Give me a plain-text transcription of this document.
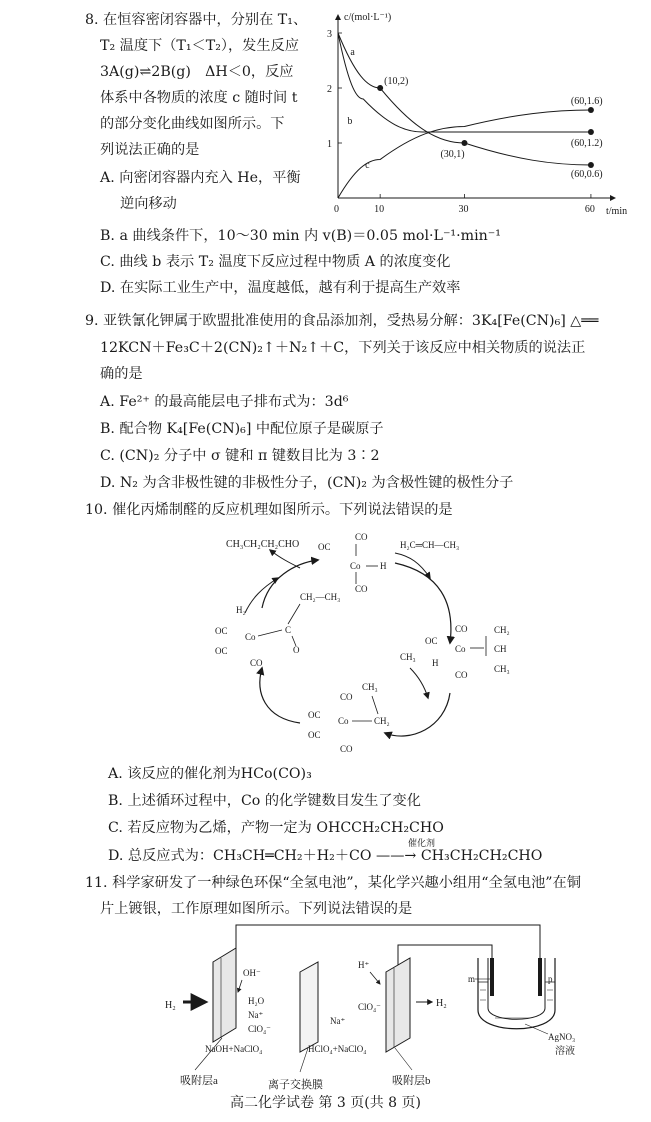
8. 在恒容密闭容器中，分别在 T₁、
T₂ 温度下（T₁＜T₂），发生反应
3A(g)⇌2B(g)　ΔH＜0，反应
体系中各物质的浓度 c 随时间 t
的部分变化曲线如图所示。下
列说法正确的是
A. 向密闭容器内充入 He，平衡
逆向移动
B. a 曲线条件下，10～30 min 内 v(B)＝0.05 mol·L⁻¹·min⁻¹
C. 曲线 b 表示 T₂ 温度下反应过程中物质 A 的浓度变化
D. 在实际工业生产中，温度越低，越有利于提高生产效率
c/(mol·L⁻¹)
t/min
0	10	30	60
1
2
3
a
b
c
(10,2)
(30,1)
(60,1.6)
(60,1.2)
(60,0.6)
9. 亚铁氰化钾属于欧盟批准使用的食品添加剂，受热易分解：3K₄[Fe(CN)₆] △══
12KCN＋Fe₃C＋2(CN)₂↑＋N₂↑＋C，下列关于该反应中相关物质的说法正
确的是
A. Fe²⁺ 的最高能层电子排布式为：3d⁶
B. 配合物 K₄[Fe(CN)₆] 中配位原子是碳原子
C. (CN)₂ 分子中 σ 键和 π 键数目比为 3∶2
D. N₂ 为含非极性键的非极性分子，(CN)₂ 为含极性键的极性分子
10. 催化丙烯制醛的反应机理如图所示。下列说法错误的是
CH₃CH₂CH₂CHO
CO
OC
Co H
CO
H₂C═CH—CH₃
H₂
CH₂—CH₃
OC
Co
OC
CO
C
O
CO
OC
Co
H
CO
CH₂
CH
CH₃
CH₃
CH₃
CO
OC
Co
OC
CO
CH₂
A. 该反应的催化剂为HCo(CO)₃
B. 上述循环过程中，Co 的化学键数目发生了变化
C. 若反应物为乙烯，产物一定为 OHCCH₂CH₂CHO
D. 总反应式为：CH₃CH═CH₂＋H₂＋CO ——→ CH₃CH₂CH₂CHO
催化剂
11. 科学家研发了一种绿色环保“全氢电池”，某化学兴趣小组用“全氢电池”在铜
片上镀银，工作原理如图所示。下列说法错误的是
H₂
OH⁻
H₂O
Na⁺
ClO₄⁻
NaOH+NaClO₄
Na⁺
HClO₄+NaClO₄
H⁺
ClO₄⁻	H₂
m	p
AgNO₃
溶液
吸附层a	离子交换膜	吸附层b
高二化学试卷 第 3 页(共 8 页)
